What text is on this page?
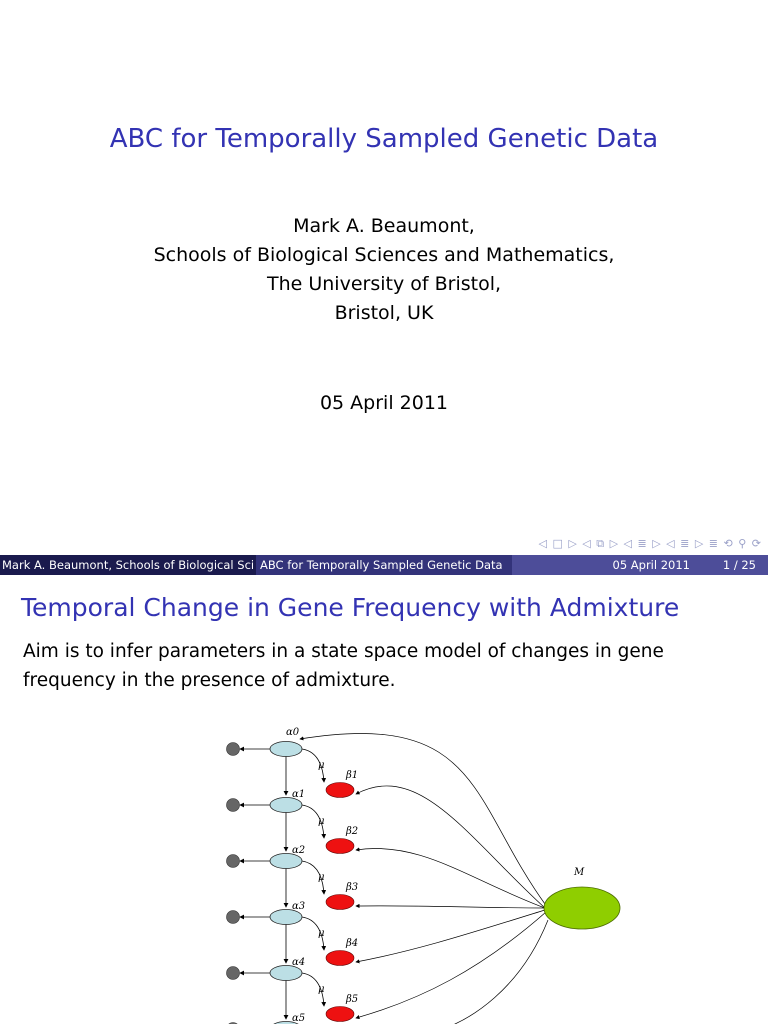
ABC for Temporally Sampled Genetic Data
Mark A. Beaumont,
Schools of Biological Sciences and Mathematics,
The University of Bristol,
Bristol, UK
05 April 2011
◁ □ ▷ ◁ ⧉ ▷ ◁ ≣ ▷ ◁ ≣ ▷ ≣ ⟲ ⚲ ⟳
Mark A. Beaumont, Schools of Biological Sci ABC for Temporally Sampled Genetic Data	05 April 2011	1 / 25
Temporal Change in Gene Frequency with Admixture
Aim is to infer parameters in a state space model of changes in gene frequency in the presence of admixture.
α0
α1
α2
α3
α4
α5
β1
β2
β3
β4
β5
μ
μ
μ
μ
μ
M
